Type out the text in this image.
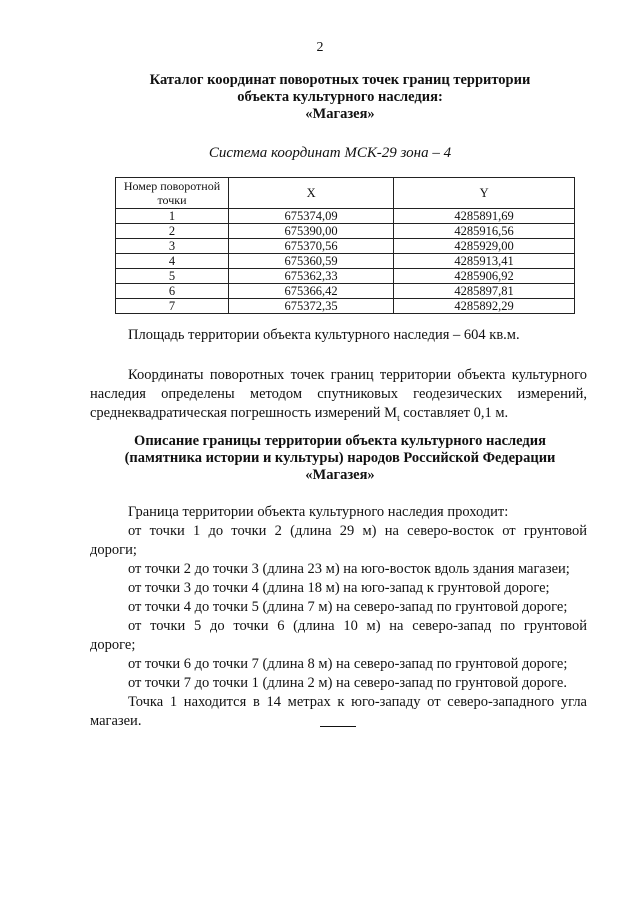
2
Каталог координат поворотных точек границ территории
объекта культурного наследия:
«Магазея»
Система координат МСК-29 зона – 4
Номер поворотной точки	X	Y
1	675374,09	4285891,69
2	675390,00	4285916,56
3	675370,56	4285929,00
4	675360,59	4285913,41
5	675362,33	4285906,92
6	675366,42	4285897,81
7	675372,35	4285892,29
Площадь территории объекта культурного наследия – 604 кв.м.
Координаты поворотных точек границ территории объекта культурного
наследия определены методом спутниковых геодезических измерений,
среднеквадратическая погрешность измерений $М_t$ составляет 0,1 м.
Описание границы территории объекта культурного наследия
(памятника истории и культуры) народов Российской Федерации
«Магазея»
Граница территории объекта культурного наследия проходит:
от точки 1 до точки 2 (длина 29 м) на северо-восток от грунтовой
дороги;
от точки 2 до точки 3 (длина 23 м) на юго-восток вдоль здания магазеи;
от точки 3 до точки 4 (длина 18 м) на юго-запад к грунтовой дороге;
от точки 4 до точки 5 (длина 7 м) на северо-запад по грунтовой дороге;
от точки 5 до точки 6 (длина 10 м) на северо-запад по грунтовой
дороге;
от точки 6 до точки 7 (длина 8 м) на северо-запад по грунтовой дороге;
от точки 7 до точки 1 (длина 2 м) на северо-запад по грунтовой дороге.
Точка 1 находится в 14 метрах к юго-западу от северо-западного угла
магазеи.
